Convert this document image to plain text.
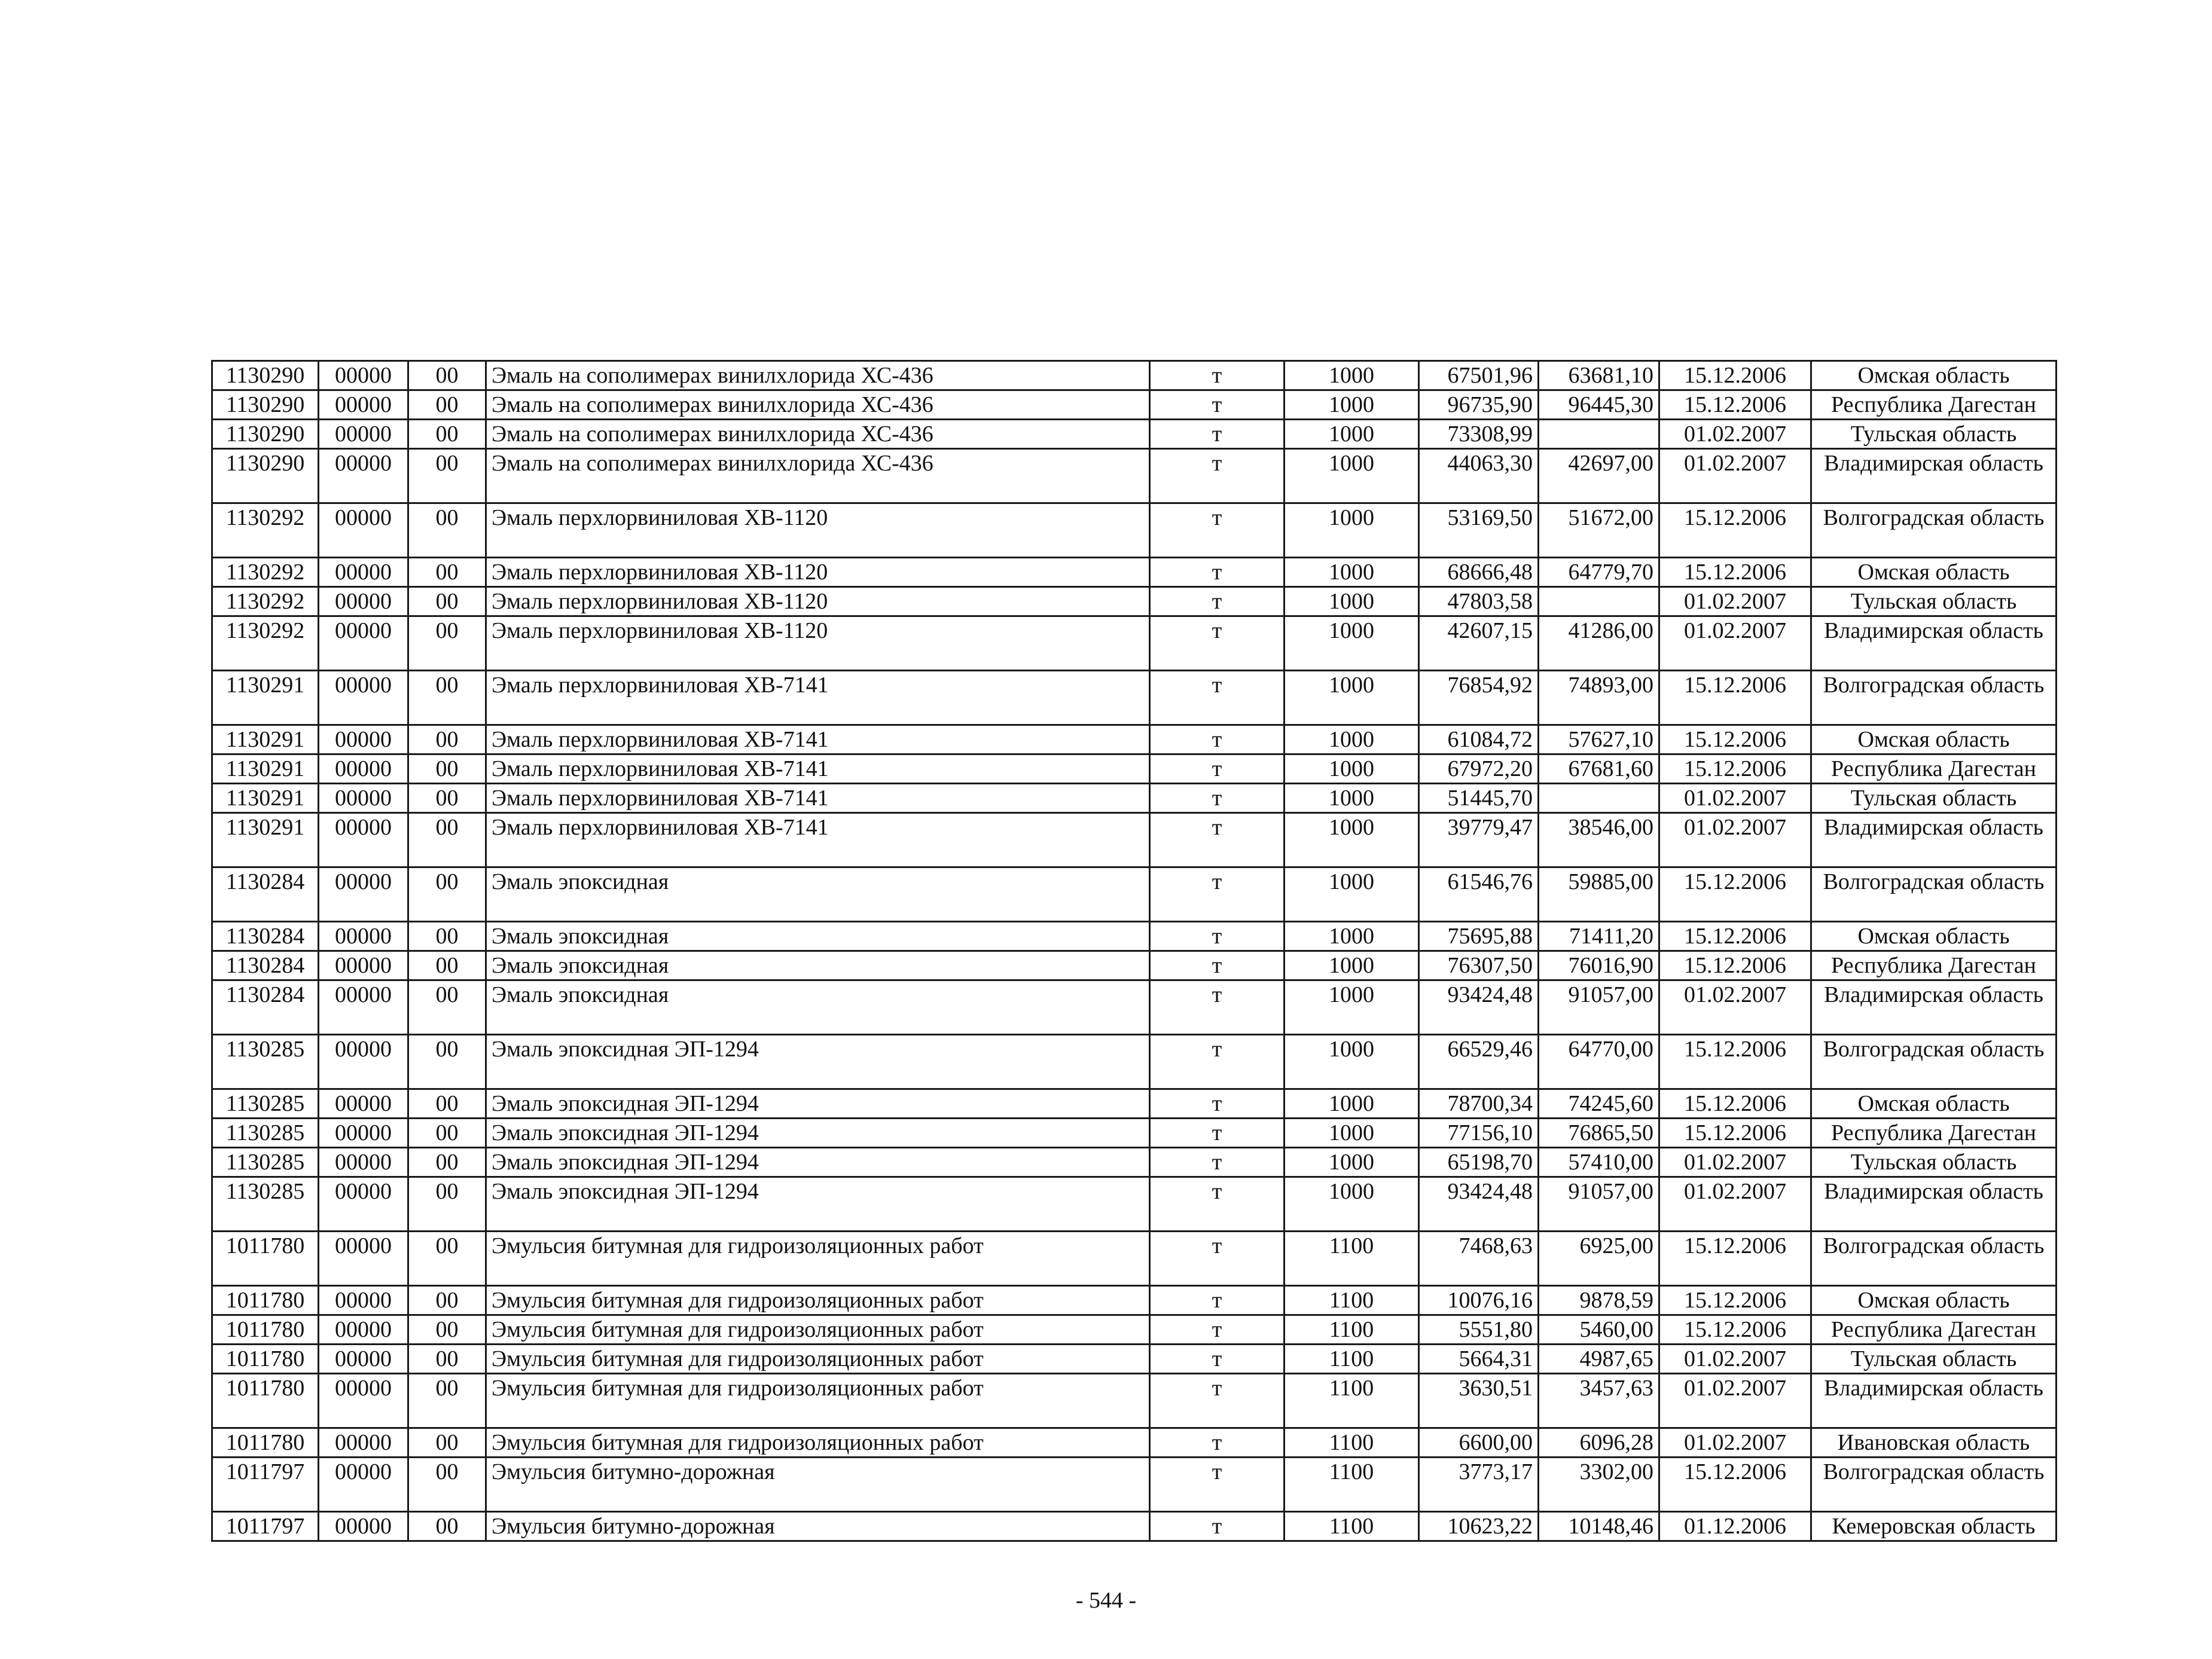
1130290	00000	00	Эмаль на сополимерах винилхлорида ХС-436	т	1000	67501,96	63681,10	15.12.2006	Омская область
1130290	00000	00	Эмаль на сополимерах винилхлорида ХС-436	т	1000	96735,90	96445,30	15.12.2006	Республика Дагестан
1130290	00000	00	Эмаль на сополимерах винилхлорида ХС-436	т	1000	73308,99		01.02.2007	Тульская область
1130290	00000	00	Эмаль на сополимерах винилхлорида ХС-436	т	1000	44063,30	42697,00	01.02.2007	Владимирская область
1130292	00000	00	Эмаль перхлорвиниловая ХВ-1120	т	1000	53169,50	51672,00	15.12.2006	Волгоградская область
1130292	00000	00	Эмаль перхлорвиниловая ХВ-1120	т	1000	68666,48	64779,70	15.12.2006	Омская область
1130292	00000	00	Эмаль перхлорвиниловая ХВ-1120	т	1000	47803,58		01.02.2007	Тульская область
1130292	00000	00	Эмаль перхлорвиниловая ХВ-1120	т	1000	42607,15	41286,00	01.02.2007	Владимирская область
1130291	00000	00	Эмаль перхлорвиниловая ХВ-7141	т	1000	76854,92	74893,00	15.12.2006	Волгоградская область
1130291	00000	00	Эмаль перхлорвиниловая ХВ-7141	т	1000	61084,72	57627,10	15.12.2006	Омская область
1130291	00000	00	Эмаль перхлорвиниловая ХВ-7141	т	1000	67972,20	67681,60	15.12.2006	Республика Дагестан
1130291	00000	00	Эмаль перхлорвиниловая ХВ-7141	т	1000	51445,70		01.02.2007	Тульская область
1130291	00000	00	Эмаль перхлорвиниловая ХВ-7141	т	1000	39779,47	38546,00	01.02.2007	Владимирская область
1130284	00000	00	Эмаль эпоксидная	т	1000	61546,76	59885,00	15.12.2006	Волгоградская область
1130284	00000	00	Эмаль эпоксидная	т	1000	75695,88	71411,20	15.12.2006	Омская область
1130284	00000	00	Эмаль эпоксидная	т	1000	76307,50	76016,90	15.12.2006	Республика Дагестан
1130284	00000	00	Эмаль эпоксидная	т	1000	93424,48	91057,00	01.02.2007	Владимирская область
1130285	00000	00	Эмаль эпоксидная ЭП-1294	т	1000	66529,46	64770,00	15.12.2006	Волгоградская область
1130285	00000	00	Эмаль эпоксидная ЭП-1294	т	1000	78700,34	74245,60	15.12.2006	Омская область
1130285	00000	00	Эмаль эпоксидная ЭП-1294	т	1000	77156,10	76865,50	15.12.2006	Республика Дагестан
1130285	00000	00	Эмаль эпоксидная ЭП-1294	т	1000	65198,70	57410,00	01.02.2007	Тульская область
1130285	00000	00	Эмаль эпоксидная ЭП-1294	т	1000	93424,48	91057,00	01.02.2007	Владимирская область
1011780	00000	00	Эмульсия битумная для гидроизоляционных работ	т	1100	7468,63	6925,00	15.12.2006	Волгоградская область
1011780	00000	00	Эмульсия битумная для гидроизоляционных работ	т	1100	10076,16	9878,59	15.12.2006	Омская область
1011780	00000	00	Эмульсия битумная для гидроизоляционных работ	т	1100	5551,80	5460,00	15.12.2006	Республика Дагестан
1011780	00000	00	Эмульсия битумная для гидроизоляционных работ	т	1100	5664,31	4987,65	01.02.2007	Тульская область
1011780	00000	00	Эмульсия битумная для гидроизоляционных работ	т	1100	3630,51	3457,63	01.02.2007	Владимирская область
1011780	00000	00	Эмульсия битумная для гидроизоляционных работ	т	1100	6600,00	6096,28	01.02.2007	Ивановская область
1011797	00000	00	Эмульсия битумно-дорожная	т	1100	3773,17	3302,00	15.12.2006	Волгоградская область
1011797	00000	00	Эмульсия битумно-дорожная	т	1100	10623,22	10148,46	01.12.2006	Кемеровская область
- 544 -
